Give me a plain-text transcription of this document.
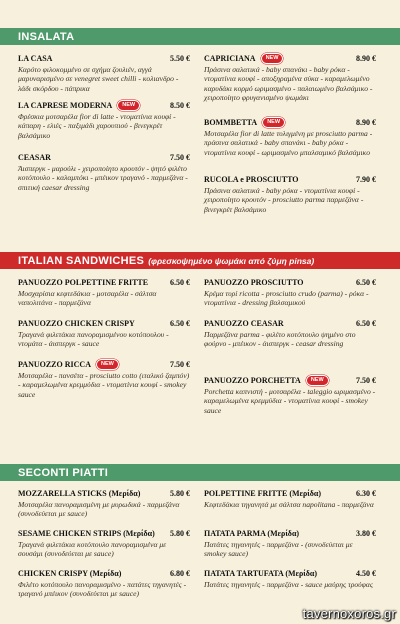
INSALATA
LA CASA	5.50 €
Καρότο φιλοκομμένο σε σχήμα ζουλιέν, αγγά μαρυναρισμένο σε venegret sweet chilli - κολιανδρο - λάδι σκόρδου - πάπρικα
LA CAPRESE MODERNA	NEW	8.50 €
Φρέσκια μοτσαρέλα fior di latte - ντοματίνια κουφί - κάπαρη - ελιές - παξιμάδι χαρουπιού - βινεγκρέτ βαλσάμικο
CEASAR	7.50 €
Άισπεργκ - μαρούλι - χειροποίητο κρουτόν - ψητό φιλέτο κοτόπουλο - καλαμπόκι - μπέικον τραγανό - παρμεζάνα - σπιτική caesar dressing
CAPRICIANA	NEW	8.90 €
Πράσινα σαλατικά - baby σπανάκι - baby ρόκα - ντοματίνια κουφί - αποξηραμένα σύκα - καραμελωμένο καρυδάκι κορμό ωριμασμένο - παλαιωμένο βαλσάμικο - χειροποίητο φρυγανισμένο ψωμάκι
BOMMBETTA	NEW	8.90 €
Μοτσαρέλα fior di latte τυλιγμένη με prosciutto parma - πράσινα σαλατικά - baby σπανάκι - baby ρόκα - ντοματίνια κουφί - ωριμασμένο μπαλσαμικό βαλσάμικο
RUCOLA e PROSCIUTTO	7.90 €
Πράσινα σαλατικά - baby ρόκα - ντοματίνια κουφί - χειροποίητο κρουτόν - prosciutto parma παρμεζάνα - βινεγκρέτ βαλσάμικο
ITALIAN SANDWICHES (φρεσκοψημένο ψωμάκι από ζύμη pinsa)
PANUOZZO POLPETTINE FRITTE	6.50 €
Μοσχαρίσια κεφτεδάκια - μοτσαρέλα - σάλτσα ναπολιτάνα - παρμεζάνα
PANUOZZO CHICKEN CRISPY	6.50 €
Τραγανά φιλετάκια πανοραμισμένου κοτόπουλου - ντομάτα - άισπεργκ - sauce
PANUOZZO RICCA	NEW	7.50 €
Μοτσαρέλα - πανσέτα - prosciutto cotto (ιταλικό ζαμπόν) - καραμελωμένα κρεμμύδια - ντοματίνια κουφί - smokey sauce
PANUOZZO PROSCIUTTO	6.50 €
Κρέμα τυρί ricotta - prosciutto crudo (parma) - ρόκα - ντοματίνια - dressing βαλσαμικού
PANUOZZO CEASAR	6.50 €
Παρμεζάνα parma - φιλέτο κοτόπουλο ψημένο στο φούρνο - μπέικον - άισπεργκ - ceasar dressing
PANUOZZO PORCHETTA	NEW	7.50 €
Porchetta καπνιστή - μοτσαρέλα - taleggio ωριμασμένο - καραμελωμένα κρεμμύδια - ντοματίνια κουφί - smokey sauce
SECONTI PIATTI
MOZZARELLA STICKS (Μερίδα)	5.80 €
Μοτσαρέλα πανοραμισμένη με μυρωδικά - παρμεζάνα (συνοδεύεται με sauce)
SESAME CHICKEN STRIPS (Μερίδα) 5.80 €
Τραγανά φιλετάκια κοτόπουλο πανοραμισμένα με σουσάμι (συνοδεύεται με sauce)
CHICKEN CRISPY (Μερίδα)	6.80 €
Φιλέτο κοτόπουλο πανοραμισμένο - πατάτες τηγανητές - τραγανό μπέικον (συνοδεύεται με sauce)
POLPETTINE FRITTE (Μερίδα)	6.30 €
Κεφτεδάκια τηγανητά με σάλτσα napolitana - παρμεζάνα
ΠΑΤΑΤΑ PARMA (Μερίδα)	3.80 €
Πατάτες τηγανητές - παρμεζάνα - (συνοδεύεται με smokey sauce)
ΠΑΤΑΤΑ TARTUFATA (Μερίδα)	4.50 €
Πατάτες τηγανητές - παρμεζάνα - sauce μαύρης τρούφας
tavernoxoros.gr
